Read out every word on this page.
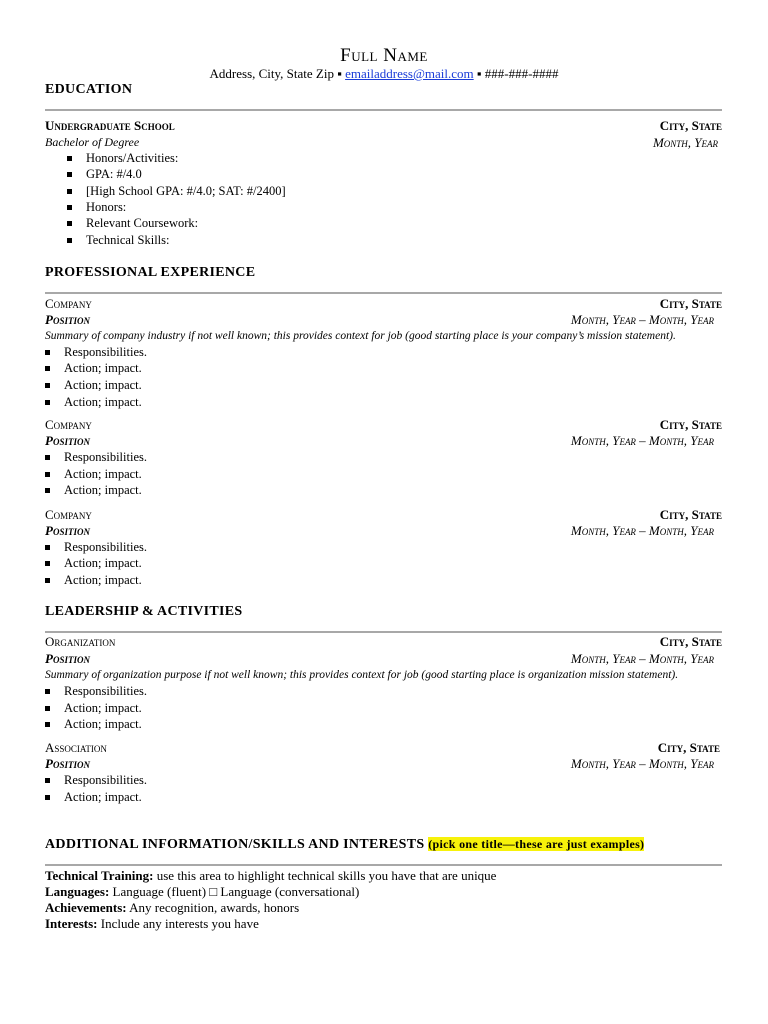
Full Name
Address, City, State Zip ▪ emailaddress@mail.com ▪ ###-###-####
EDUCATION
Undergraduate School	City, State
Bachelor of Degree	Month, Year
Honors/Activities:
GPA: #/4.0
[High School GPA: #/4.0; SAT: #/2400]
Honors:
Relevant Coursework:
Technical Skills:
PROFESSIONAL EXPERIENCE
Company	City, State
Position	Month, Year – Month, Year
Summary of company industry if not well known; this provides context for job (good starting place is your company’s mission statement).
Responsibilities.
Action; impact.
Action; impact.
Action; impact.
Company	City, State
Position	Month, Year – Month, Year
Responsibilities.
Action; impact.
Action; impact.
Company	City, State
Position	Month, Year – Month, Year
Responsibilities.
Action; impact.
Action; impact.
LEADERSHIP & ACTIVITIES
Organization	City, State
Position	Month, Year – Month, Year
Summary of organization purpose if not well known; this provides context for job (good starting place is organization mission statement).
Responsibilities.
Action; impact.
Action; impact.
Association	City, State
Position	Month, Year – Month, Year
Responsibilities.
Action; impact.
ADDITIONAL INFORMATION/SKILLS AND INTERESTS (pick one title—these are just examples)
Technical Training: use this area to highlight technical skills you have that are unique
Languages: Language (fluent) □ Language (conversational)
Achievements: Any recognition, awards, honors
Interests: Include any interests you have
